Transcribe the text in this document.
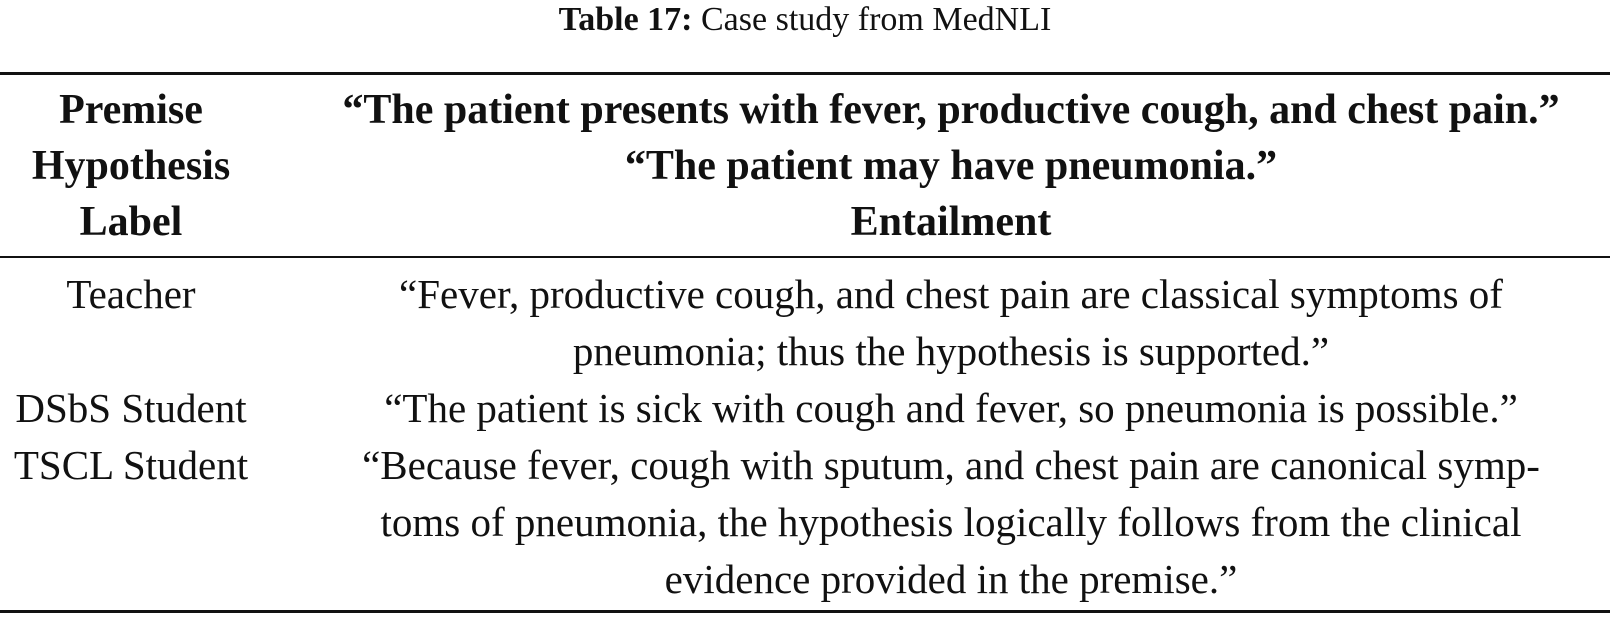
Table 17: Case study from MedNLI
Premise	“The patient presents with fever, productive cough, and chest pain.”
Hypothesis	“The patient may have pneumonia.”
Label	Entailment
Teacher	“Fever, productive cough, and chest pain are classical symptoms of
pneumonia; thus the hypothesis is supported.”
DSbS Student	“The patient is sick with cough and fever, so pneumonia is possible.”
TSCL Student	“Because fever, cough with sputum, and chest pain are canonical symp-
toms of pneumonia, the hypothesis logically follows from the clinical
evidence provided in the premise.”
